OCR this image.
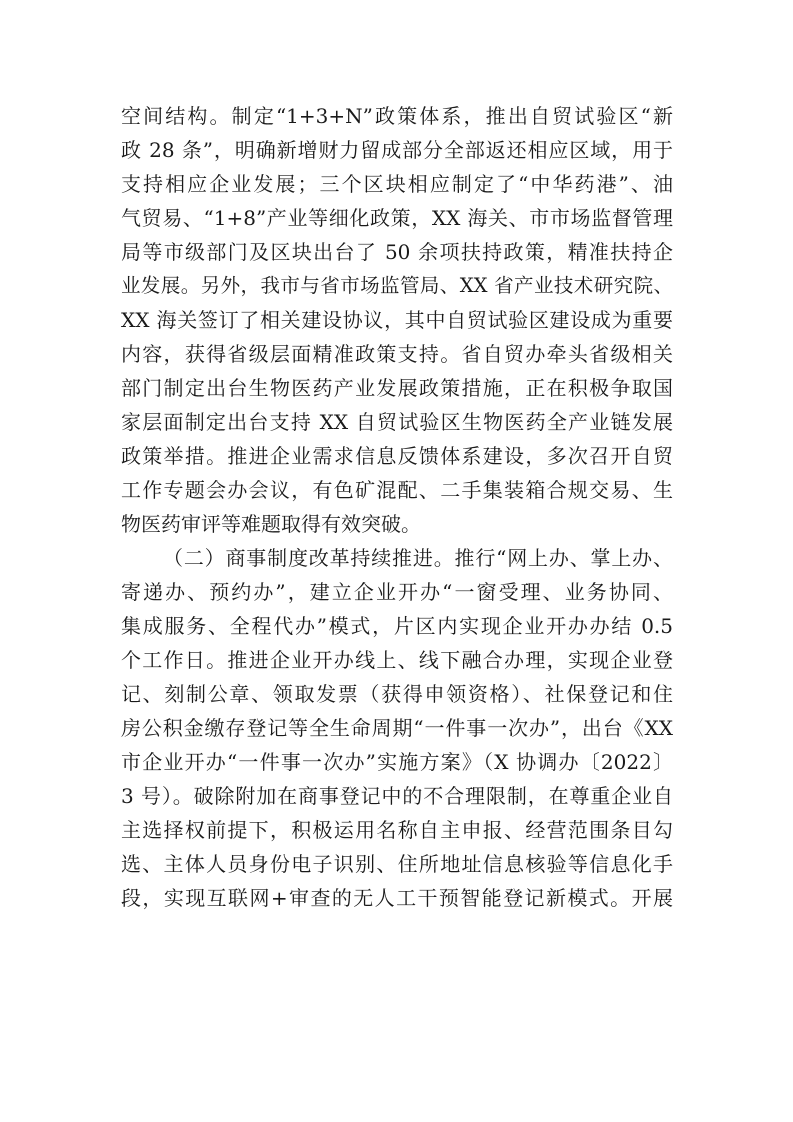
空间结构。制定“1+3+N”政策体系，推出自贸试验区“新
政 28 条”，明确新增财力留成部分全部返还相应区域，用于
支持相应企业发展；三个区块相应制定了“中华药港”、油
气贸易、“1+8”产业等细化政策，XX 海关、市市场监督管理
局等市级部门及区块出台了 50 余项扶持政策，精准扶持企
业发展。另外，我市与省市场监管局、XX 省产业技术研究院、
XX 海关签订了相关建设协议，其中自贸试验区建设成为重要
内容，获得省级层面精准政策支持。省自贸办牵头省级相关
部门制定出台生物医药产业发展政策措施，正在积极争取国
家层面制定出台支持 XX 自贸试验区生物医药全产业链发展
政策举措。推进企业需求信息反馈体系建设，多次召开自贸
工作专题会办会议，有色矿混配、二手集装箱合规交易、生
物医药审评等难题取得有效突破。
（二）商事制度改革持续推进。推行“网上办、掌上办、
寄递办、预约办”，建立企业开办“一窗受理、业务协同、
集成服务、全程代办”模式，片区内实现企业开办办结 0.5
个工作日。推进企业开办线上、线下融合办理，实现企业登
记、刻制公章、领取发票（获得申领资格）、社保登记和住
房公积金缴存登记等全生命周期“一件事一次办”，出台《XX
市企业开办“一件事一次办”实施方案》（X 协调办〔2022〕
3 号）。破除附加在商事登记中的不合理限制，在尊重企业自
主选择权前提下，积极运用名称自主申报、经营范围条目勾
选、主体人员身份电子识别、住所地址信息核验等信息化手
段，实现互联网+审查的无人工干预智能登记新模式。开展
